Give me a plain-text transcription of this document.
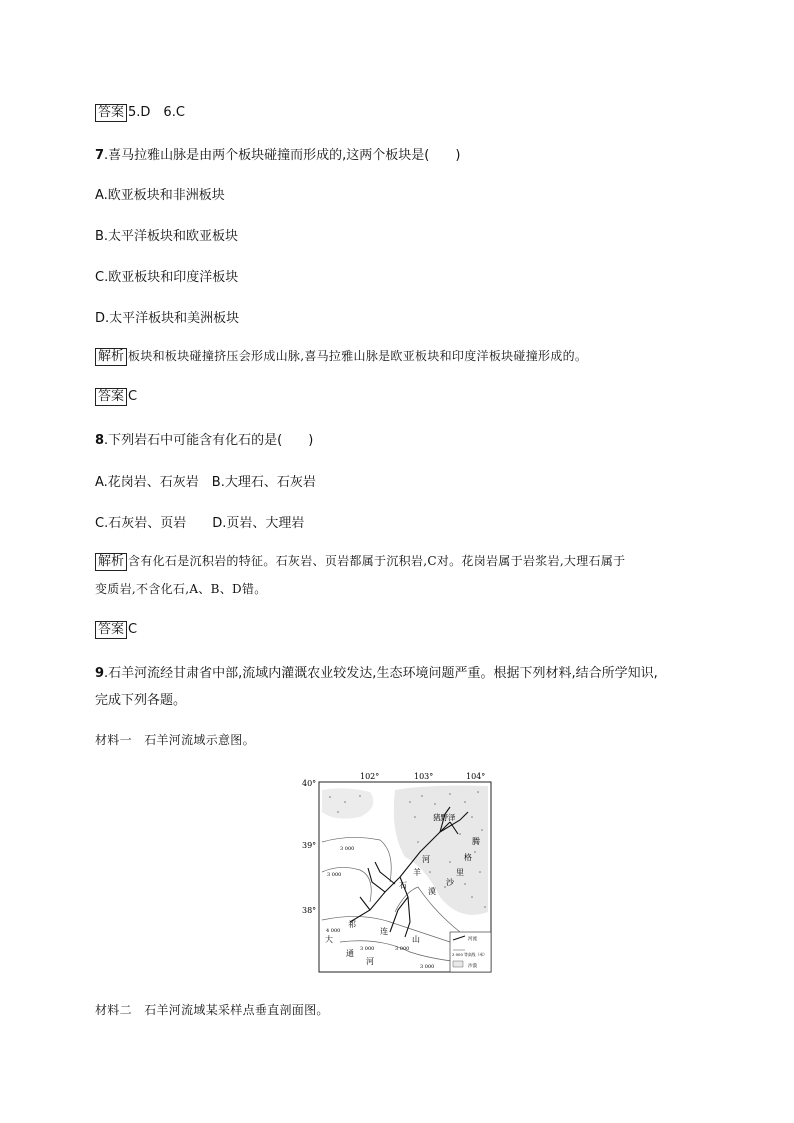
答案 5.D　6.C
7.喜马拉雅山脉是由两个板块碰撞而形成的,这两个板块是( )
A.欧亚板块和非洲板块
B.太平洋板块和欧亚板块
C.欧亚板块和印度洋板块
D.太平洋板块和美洲板块
解析 板块和板块碰撞挤压会形成山脉,喜马拉雅山脉是欧亚板块和印度洋板块碰撞形成的。
答案 C
8.下列岩石中可能含有化石的是( )
A.花岗岩、石灰岩　B.大理石、石灰岩
C.石灰岩、页岩　　D.页岩、大理岩
解析 含有化石是沉积岩的特征。石灰岩、页岩都属于沉积岩,C对。花岗岩属于岩浆岩,大理石属于
变质岩,不含化石,A、B、D错。
答案 C
9.石羊河流经甘肃省中部,流域内灌溉农业较发达,生态环境问题严重。根据下列材料,结合所学知识,
完成下列各题。
材料一　石羊河流域示意图。
102°	103°	104°
40°
39°
38°
猪野泽
腾
格
里
沙
漠
石
羊
河
祁
连
山
大
通
河
3 000
3 000
3 000
3 000
3 000
4 000
河流
3 000 等高线（米）
沙漠
材料二　石羊河流域某采样点垂直剖面图。
